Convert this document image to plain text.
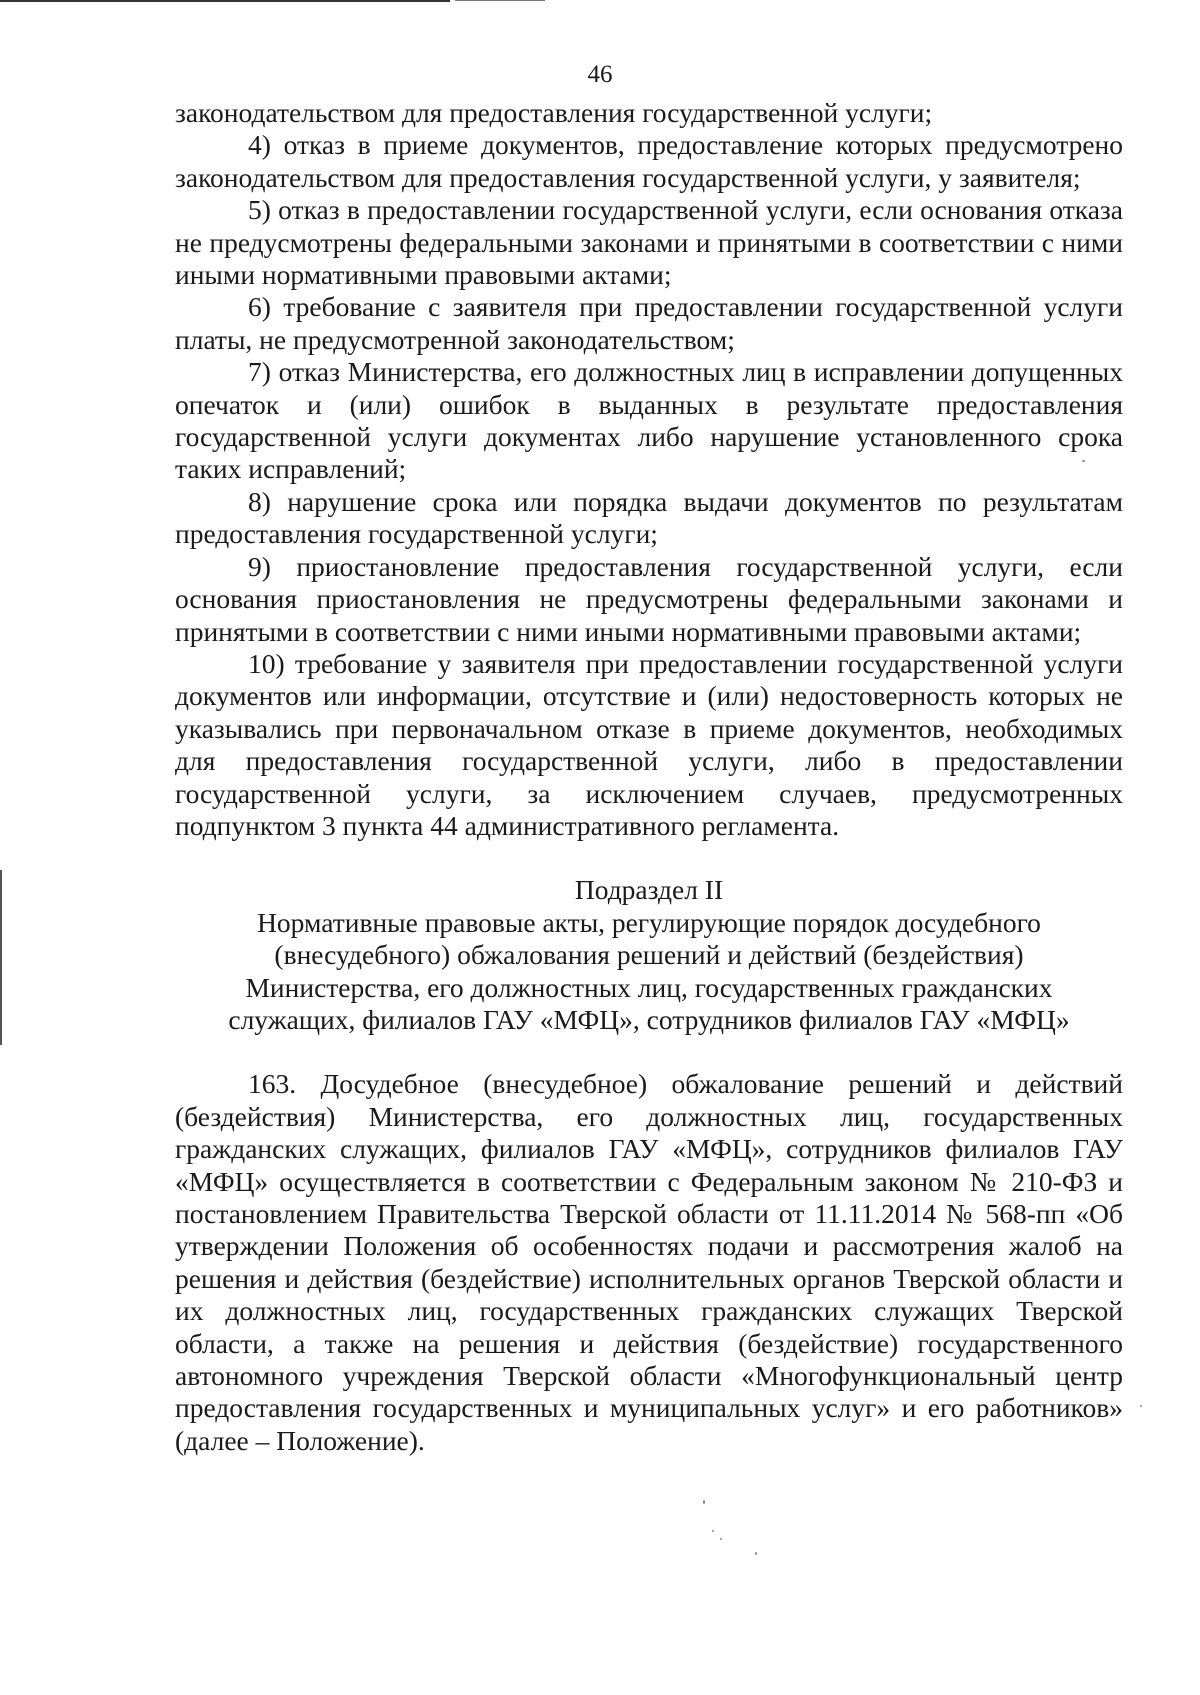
46

законодательством для предоставления государственной услуги;

4) отказ в приеме документов, предоставление которых предусмотрено законодательством для предоставления государственной услуги, у заявителя;

5) отказ в предоставлении государственной услуги, если основания отказа не предусмотрены федеральными законами и принятыми в соответствии с ними иными нормативными правовыми актами;

6) требование с заявителя при предоставлении государственной услуги платы, не предусмотренной законодательством;

7) отказ Министерства, его должностных лиц в исправлении допущенных опечаток и (или) ошибок в выданных в результате предоставления государственной услуги документах либо нарушение установленного срока таких исправлений;

8) нарушение срока или порядка выдачи документов по результатам предоставления государственной услуги;

9) приостановление предоставления государственной услуги, если основания приостановления не предусмотрены федеральными законами и принятыми в соответствии с ними иными нормативными правовыми актами;

10) требование у заявителя при предоставлении государственной услуги документов или информации, отсутствие и (или) недостоверность которых не указывались при первоначальном отказе в приеме документов, необходимых для предоставления государственной услуги, либо в предоставлении государственной услуги, за исключением случаев, предусмотренных подпунктом 3 пункта 44 административного регламента.

Подраздел II
Нормативные правовые акты, регулирующие порядок досудебного
(внесудебного) обжалования решений и действий (бездействия)
Министерства, его должностных лиц, государственных гражданских
служащих, филиалов ГАУ «МФЦ», сотрудников филиалов ГАУ «МФЦ»

163. Досудебное (внесудебное) обжалование решений и действий (бездействия) Министерства, его должностных лиц, государственных гражданских служащих, филиалов ГАУ «МФЦ», сотрудников филиалов ГАУ «МФЦ» осуществляется в соответствии с Федеральным законом № 210-ФЗ и постановлением Правительства Тверской области от 11.11.2014 № 568-пп «Об утверждении Положения об особенностях подачи и рассмотрения жалоб на решения и действия (бездействие) исполнительных органов Тверской области и их должностных лиц, государственных гражданских служащих Тверской области, а также на решения и действия (бездействие) государственного автономного учреждения Тверской области «Многофункциональный центр предоставления государственных и муниципальных услуг» и его работников» (далее – Положение).
